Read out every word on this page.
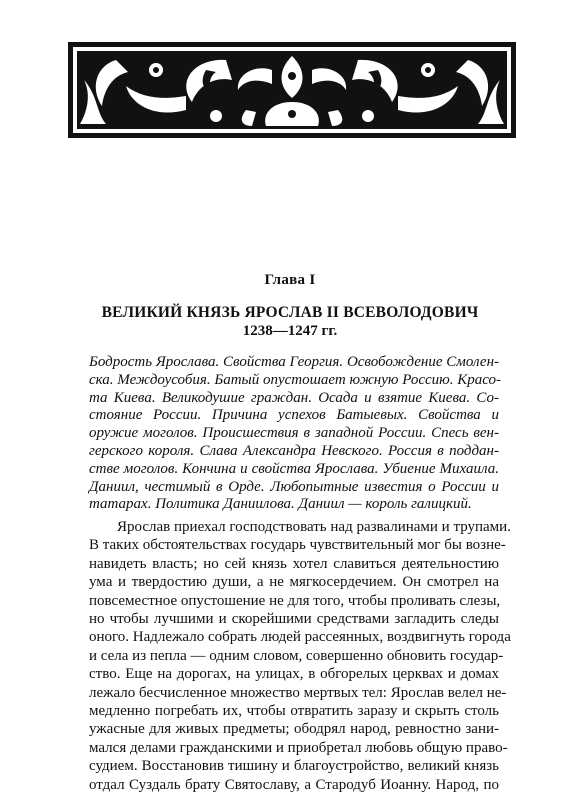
Глава I
ВЕЛИКИЙ КНЯЗЬ ЯРОСЛАВ II ВСЕВОЛОДОВИЧ
1238—1247 гг.
Бодрость Ярослава. Свойства Георгия. Освобождение Смолен-
ска. Междоусобия. Батый опустошает южную Россию. Красо-
та Киева. Великодушие граждан. Осада и взятие Киева. Со-
стояние России. Причина успехов Батыевых. Свойства и
оружие моголов. Происшествия в западной России. Спесь вен-
герского короля. Слава Александра Невского. Россия в поддан-
стве моголов. Кончина и свойства Ярослава. Убиение Михаила.
Даниил, честимый в Орде. Любопытные известия о России и
татарах. Политика Даниилова. Даниил — король галицкий.
Ярослав приехал господствовать над развалинами и трупами.
В таких обстоятельствах государь чувствительный мог бы возне-
навидеть власть; но сей князь хотел славиться деятельностию
ума и твердостию души, а не мягкосердечием. Он смотрел на
повсеместное опустошение не для того, чтобы проливать слезы,
но чтобы лучшими и скорейшими средствами загладить следы
оного. Надлежало собрать людей рассеянных, воздвигнуть города
и села из пепла — одним словом, совершенно обновить государ-
ство. Еще на дорогах, на улицах, в обгорелых церквах и домах
лежало бесчисленное множество мертвых тел: Ярослав велел не-
медленно погребать их, чтобы отвратить заразу и скрыть столь
ужасные для живых предметы; ободрял народ, ревностно зани-
мался делами гражданскими и приобретал любовь общую право-
судием. Восстановив тишину и благоустройство, великий князь
отдал Суздаль брату Святославу, а Стародуб Иоанну. Народ, по
